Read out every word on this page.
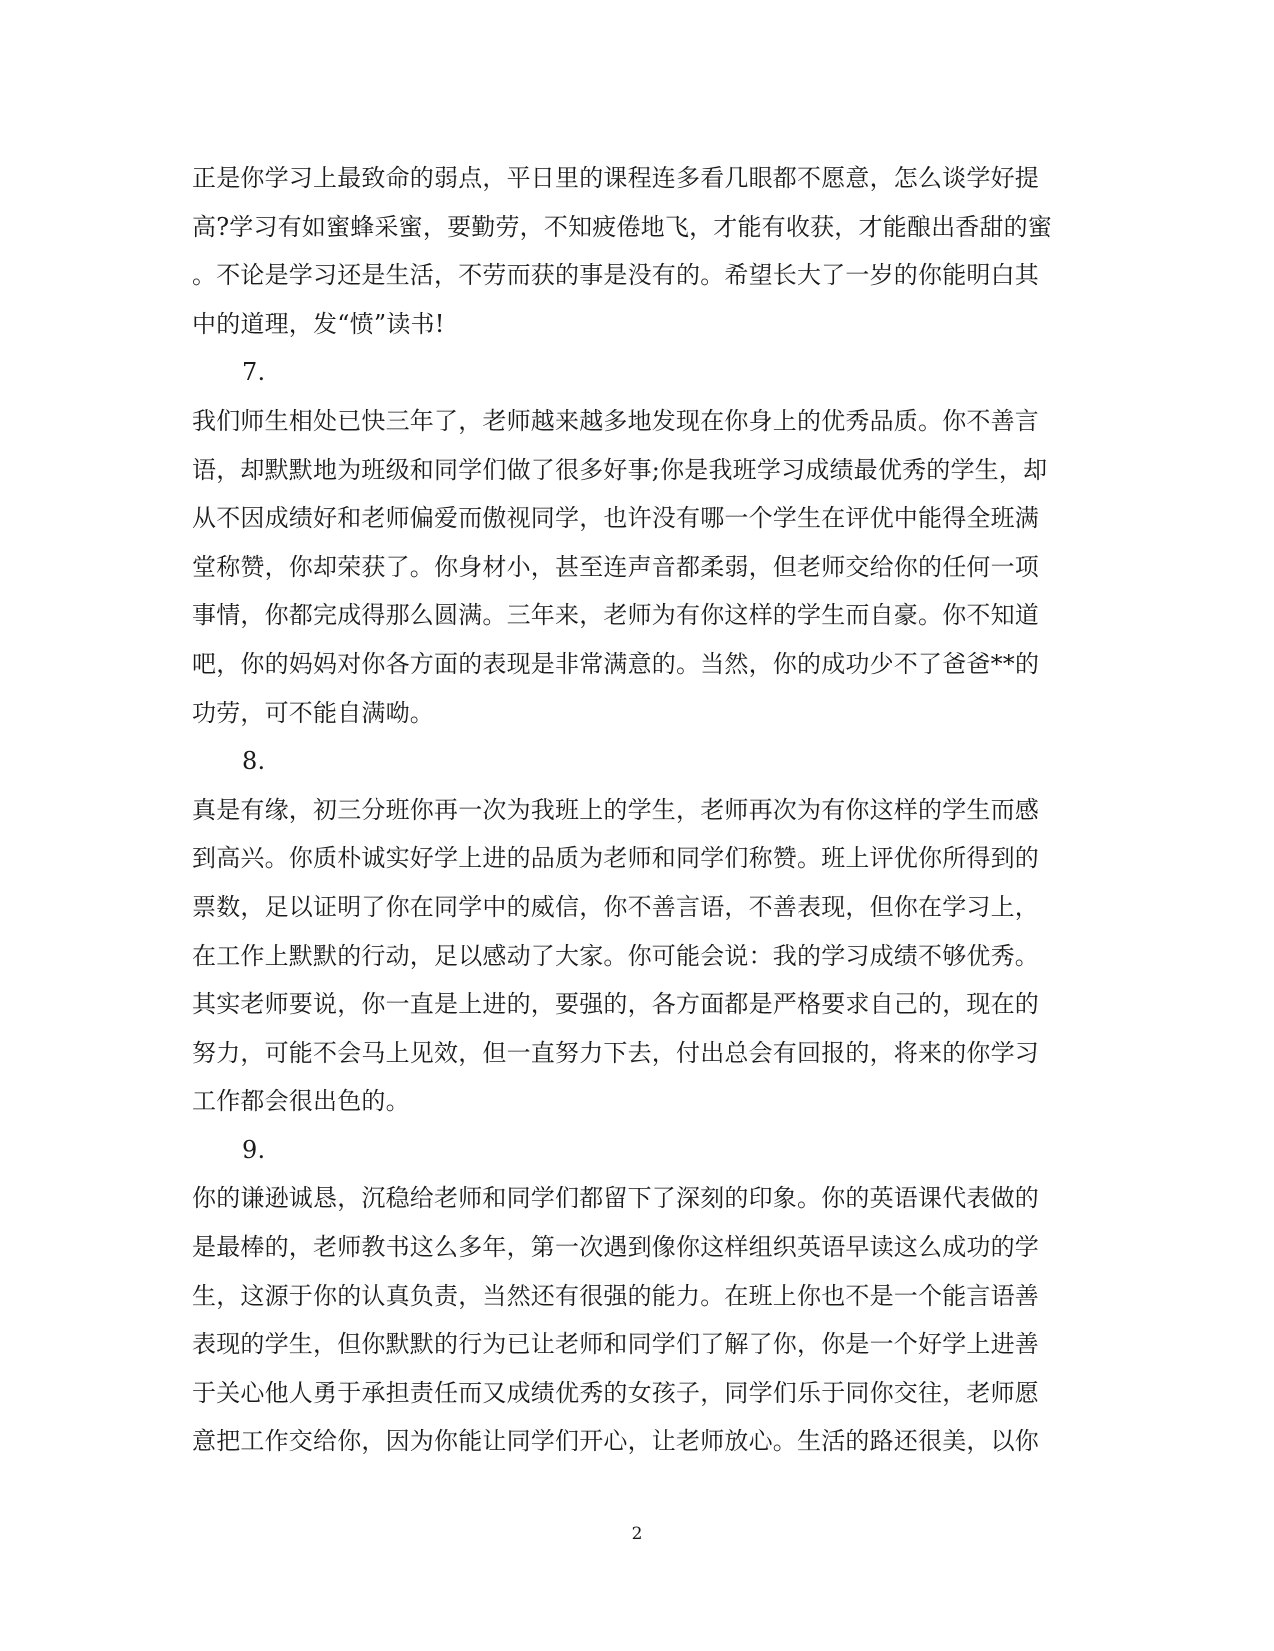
正是你学习上最致命的弱点，平日里的课程连多看几眼都不愿意，怎么谈学好提
高?学习有如蜜蜂采蜜，要勤劳，不知疲倦地飞，才能有收获，才能酿出香甜的蜜
。不论是学习还是生活，不劳而获的事是没有的。希望长大了一岁的你能明白其
中的道理，发“愤”读书!
7.
我们师生相处已快三年了，老师越来越多地发现在你身上的优秀品质。你不善言
语，却默默地为班级和同学们做了很多好事;你是我班学习成绩最优秀的学生，却
从不因成绩好和老师偏爱而傲视同学，也许没有哪一个学生在评优中能得全班满
堂称赞，你却荣获了。你身材小，甚至连声音都柔弱，但老师交给你的任何一项
事情，你都完成得那么圆满。三年来，老师为有你这样的学生而自豪。你不知道
吧，你的妈妈对你各方面的表现是非常满意的。当然，你的成功少不了爸爸**的
功劳，可不能自满呦。
8.
真是有缘，初三分班你再一次为我班上的学生，老师再次为有你这样的学生而感
到高兴。你质朴诚实好学上进的品质为老师和同学们称赞。班上评优你所得到的
票数，足以证明了你在同学中的威信，你不善言语，不善表现，但你在学习上，
在工作上默默的行动，足以感动了大家。你可能会说：我的学习成绩不够优秀。
其实老师要说，你一直是上进的，要强的，各方面都是严格要求自己的，现在的
努力，可能不会马上见效，但一直努力下去，付出总会有回报的，将来的你学习
工作都会很出色的。
9.
你的谦逊诚恳，沉稳给老师和同学们都留下了深刻的印象。你的英语课代表做的
是最棒的，老师教书这么多年，第一次遇到像你这样组织英语早读这么成功的学
生，这源于你的认真负责，当然还有很强的能力。在班上你也不是一个能言语善
表现的学生，但你默默的行为已让老师和同学们了解了你，你是一个好学上进善
于关心他人勇于承担责任而又成绩优秀的女孩子，同学们乐于同你交往，老师愿
意把工作交给你，因为你能让同学们开心，让老师放心。生活的路还很美，以你
2
